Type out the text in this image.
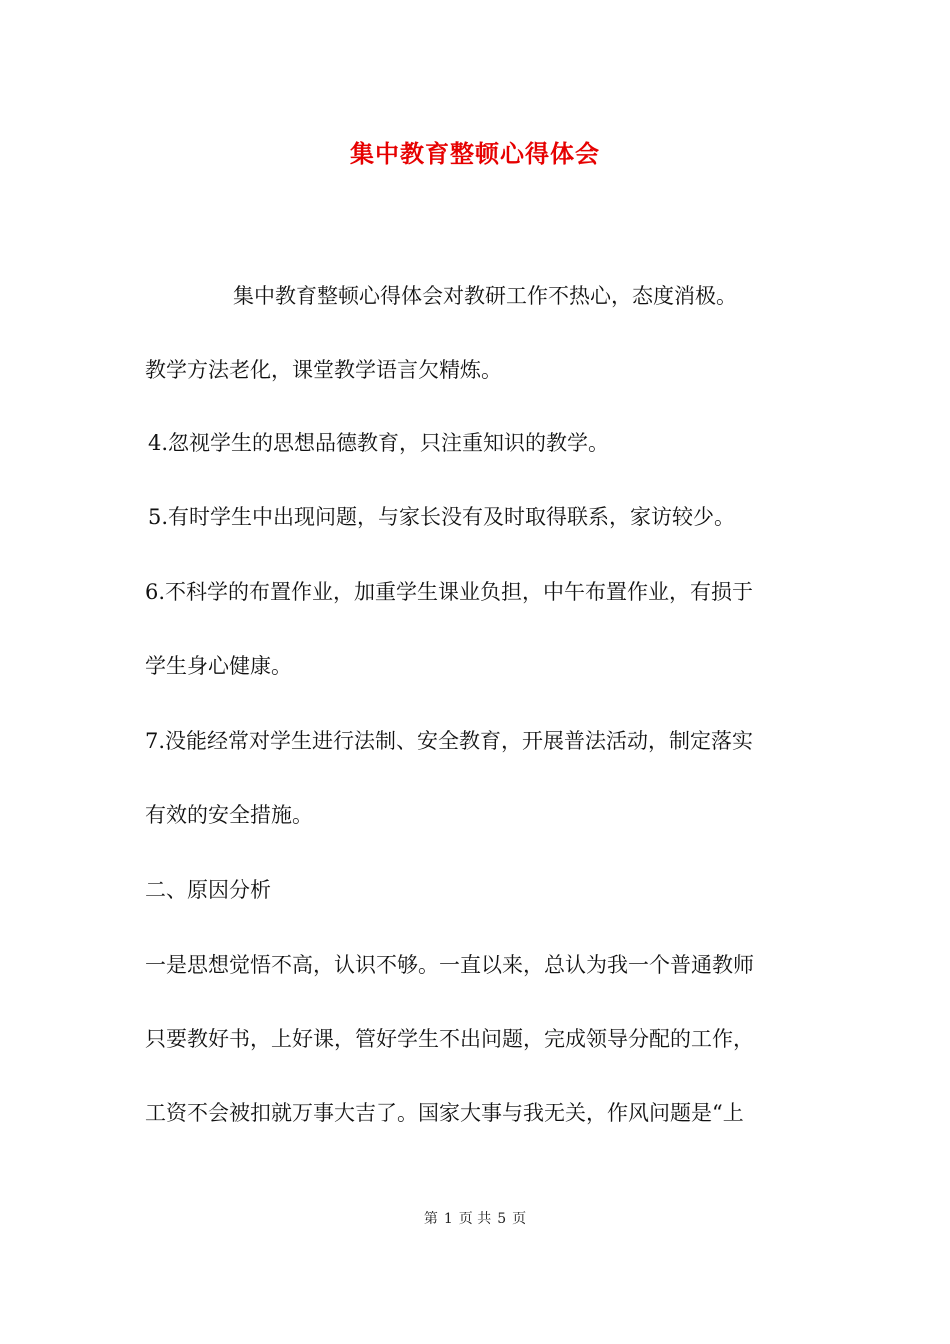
集中教育整顿心得体会
集中教育整顿心得体会对教研工作不热心，态度消极。
教学方法老化，课堂教学语言欠精炼。
4.忽视学生的思想品德教育，只注重知识的教学。
5.有时学生中出现问题，与家长没有及时取得联系，家访较少。
6.不科学的布置作业，加重学生课业负担，中午布置作业，有损于
学生身心健康。
7.没能经常对学生进行法制、安全教育，开展普法活动，制定落实
有效的安全措施。
二、原因分析
一是思想觉悟不高，认识不够。一直以来，总认为我一个普通教师
只要教好书，上好课，管好学生不出问题，完成领导分配的工作，
工资不会被扣就万事大吉了。国家大事与我无关，作风问题是“上
第 1 页 共 5 页
